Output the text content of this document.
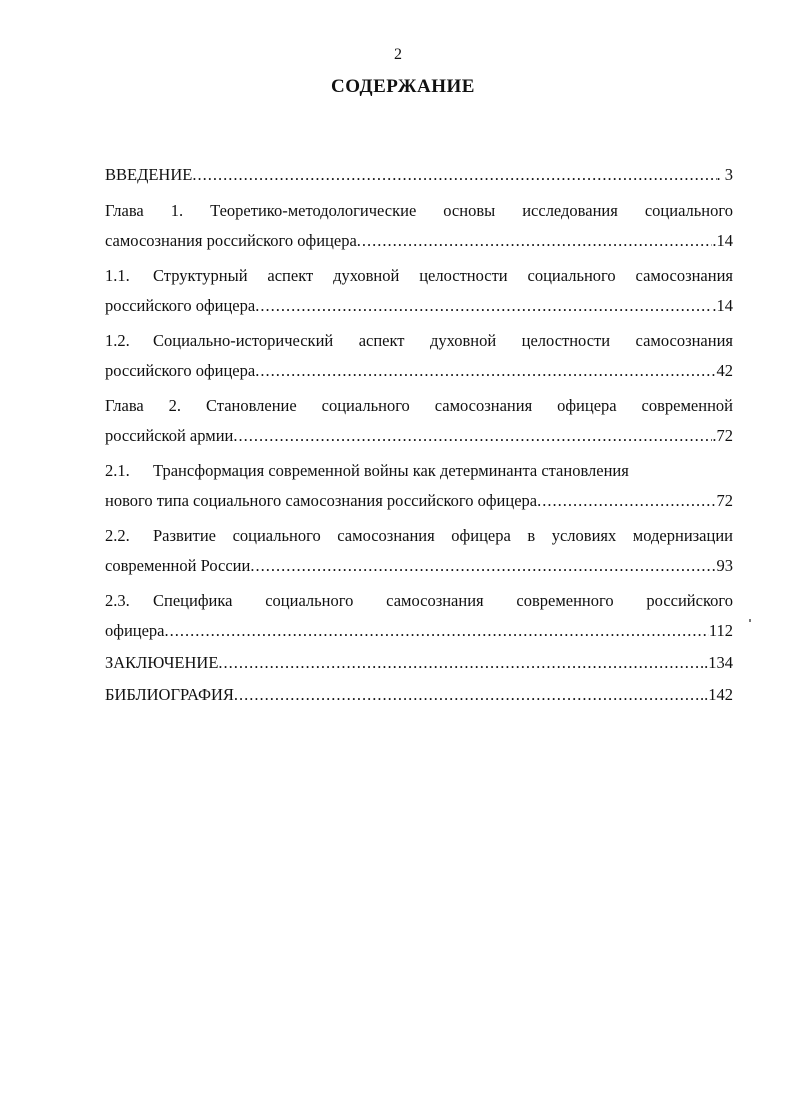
2
СОДЕРЖАНИЕ
ВВЕДЕНИЕ .....	. 3
Глава 1. Теоретико-методологические основы исследования социального
самосознания российского офицера .....	.14
1.1. Структурный аспект духовной целостности социального самосознания
российского офицера .....	.14
1.2. Социально-исторический аспект духовной целостности самосознания
российского офицера .....	42
Глава 2. Становление социального самосознания офицера современной
российской армии .....	.72
2.1. Трансформация современной войны как детерминанта становления
нового типа социального самосознания российского офицера .....	72
2.2. Развитие социального самосознания офицера в условиях модернизации
современной России .....	93
2.3. Специфика социального самосознания современного российского
офицера .....	112
ЗАКЛЮЧЕНИЕ .....	..134
БИБЛИОГРАФИЯ .....	..142
